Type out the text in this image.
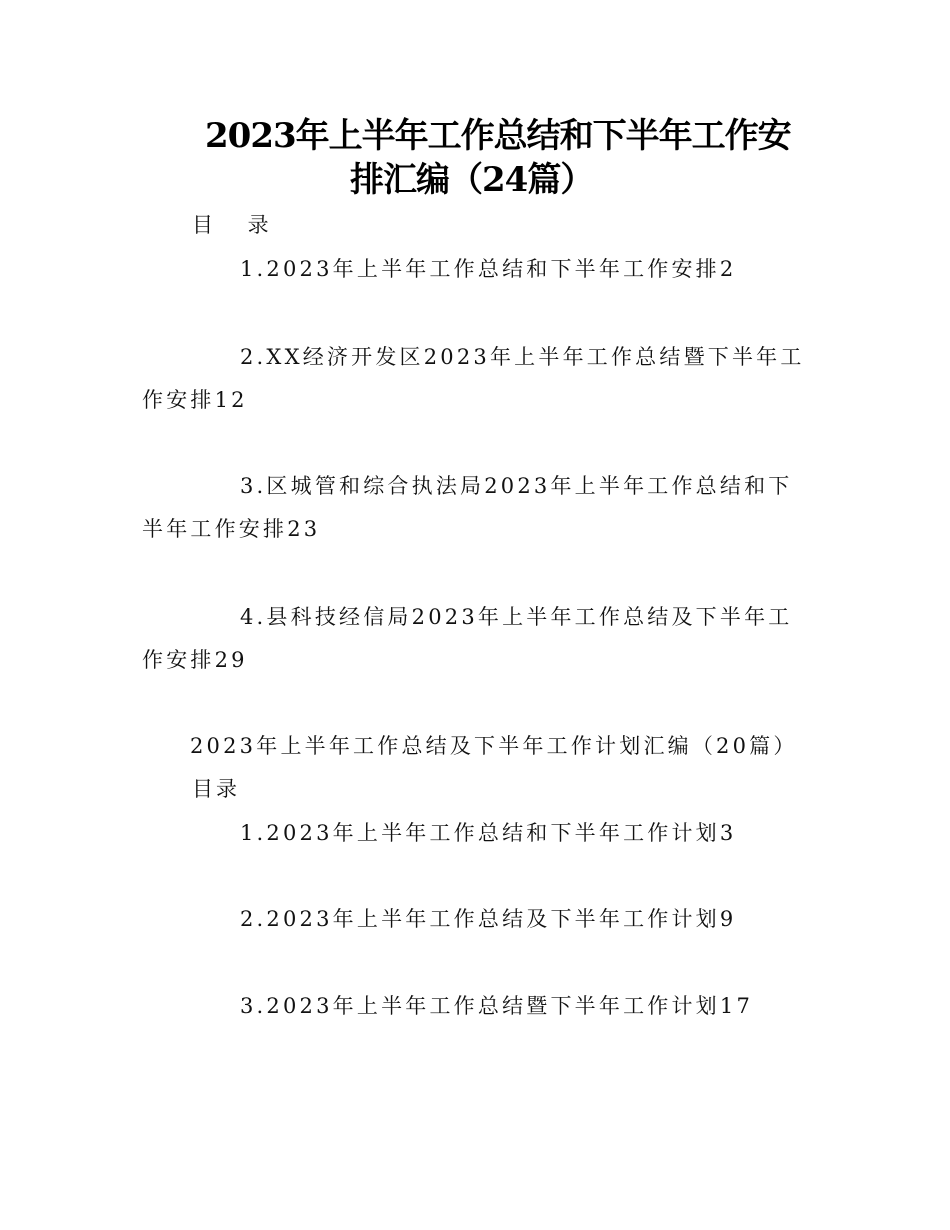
2023年上半年工作总结和下半年工作安
排汇编（24篇）
目 录
1.2023年上半年工作总结和下半年工作安排2
2.XX经济开发区2023年上半年工作总结暨下半年工
作安排12
3.区城管和综合执法局2023年上半年工作总结和下
半年工作安排23
4.县科技经信局2023年上半年工作总结及下半年工
作安排29
2023年上半年工作总结及下半年工作计划汇编（20篇）
目录
1.2023年上半年工作总结和下半年工作计划3
2.2023年上半年工作总结及下半年工作计划9
3.2023年上半年工作总结暨下半年工作计划17
